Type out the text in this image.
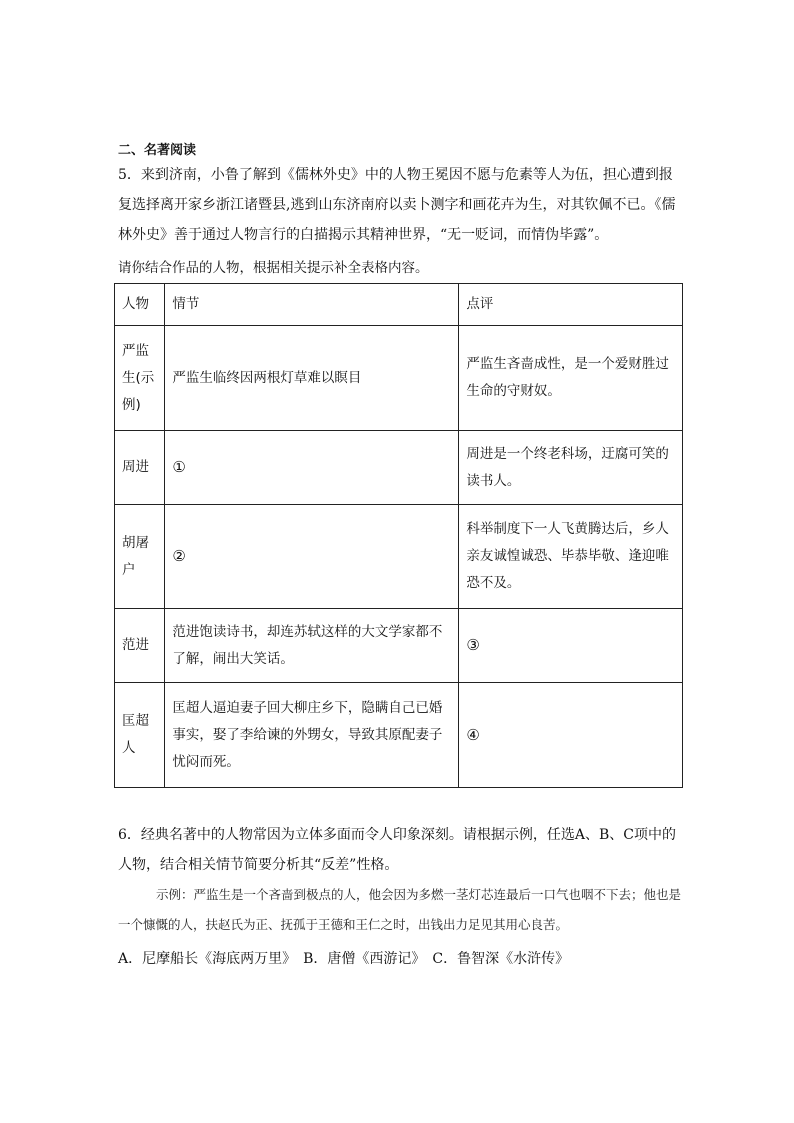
二、名著阅读
5．来到济南，小鲁了解到《儒林外史》中的人物王冕因不愿与危素等人为伍，担心遭到报复选择离开家乡浙江诸暨县,逃到山东济南府以卖卜测字和画花卉为生，对其钦佩不已。《儒林外史》善于通过人物言行的白描揭示其精神世界，“无一贬词，而情伪毕露”。
请你结合作品的人物，根据相关提示补全表格内容。
人物	情节	点评
严监生(示例)	严监生临终因两根灯草难以瞑目	严监生吝啬成性，是一个爱财胜过生命的守财奴。
周进	①	周进是一个终老科场，迂腐可笑的读书人。
胡屠户	②	科举制度下一人飞黄腾达后，乡人亲友诚惶诚恐、毕恭毕敬、逢迎唯恐不及。
范进	范进饱读诗书，却连苏轼这样的大文学家都不了解，闹出大笑话。	③
匡超人	匡超人逼迫妻子回大柳庄乡下，隐瞒自己已婚事实，娶了李给谏的外甥女，导致其原配妻子忧闷而死。	④
6．经典名著中的人物常因为立体多面而令人印象深刻。请根据示例，任选A、B、C项中的人物，结合相关情节简要分析其“反差”性格。
示例：严监生是一个吝啬到极点的人，他会因为多燃一茎灯芯连最后一口气也咽不下去；他也是一个慷慨的人，扶赵氏为正、抚孤于王德和王仁之时，出钱出力足见其用心良苦。
A．尼摩船长《海底两万里》　B．唐僧《西游记》　C．鲁智深《水浒传》
